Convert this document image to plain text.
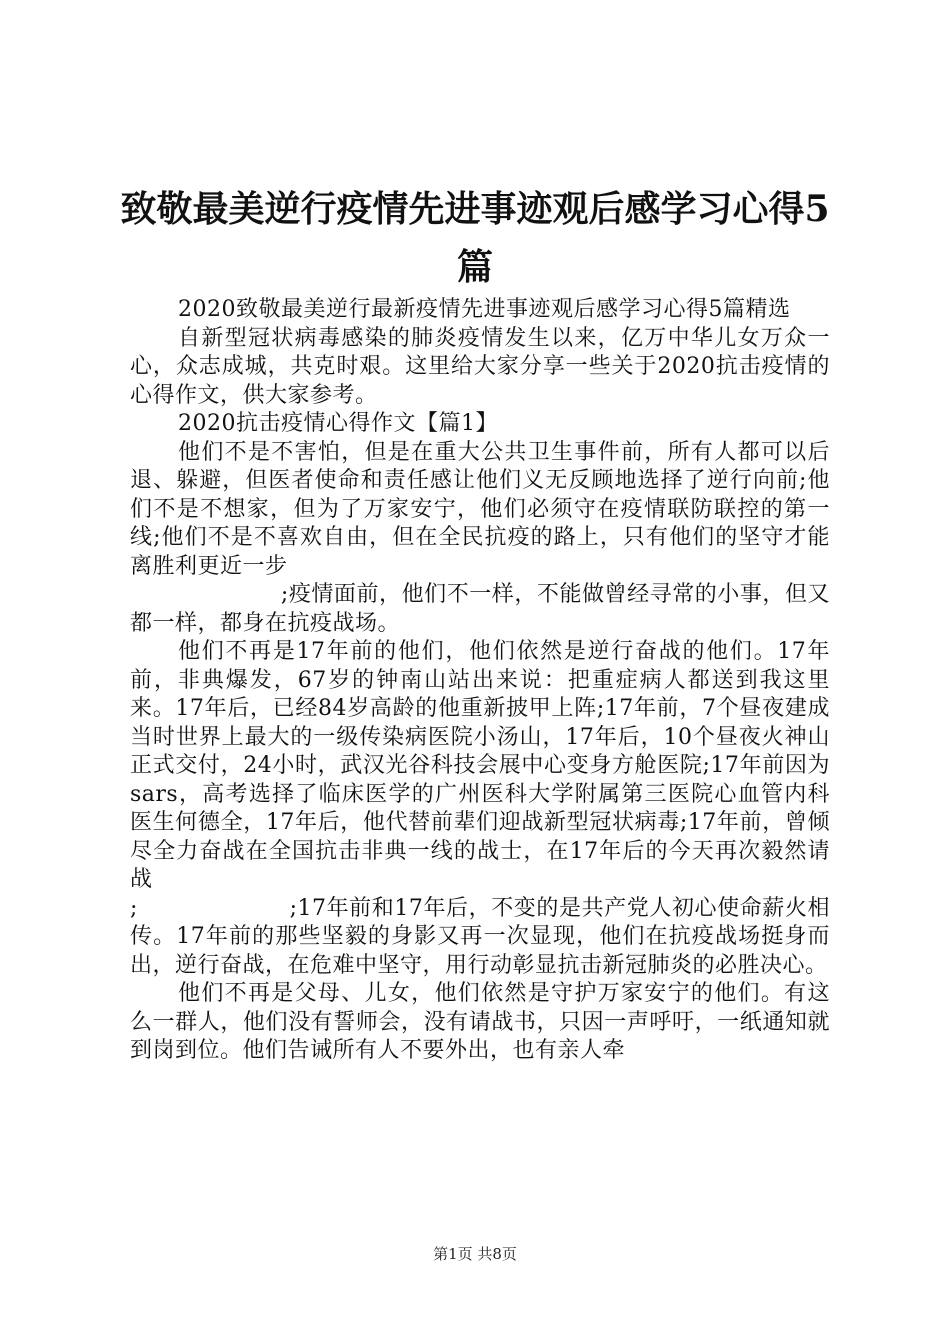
致敬最美逆行疫情先进事迹观后感学习心得5
篇

2020致敬最美逆行最新疫情先进事迹观后感学习心得5篇精选

自新型冠状病毒感染的肺炎疫情发生以来，亿万中华儿女万众一心，众志成城，共克时艰。这里给大家分享一些关于2020抗击疫情的心得作文，供大家参考。

2020抗击疫情心得作文【篇1】

他们不是不害怕，但是在重大公共卫生事件前，所有人都可以后退、躲避，但医者使命和责任感让他们义无反顾地选择了逆行向前;他们不是不想家，但为了万家安宁，他们必须守在疫情联防联控的第一线;他们不是不喜欢自由，但在全民抗疫的路上，只有他们的坚守才能离胜利更近一步

;疫情面前，他们不一样，不能做曾经寻常的小事，但又都一样，都身在抗疫战场。

他们不再是17年前的他们，他们依然是逆行奋战的他们。17年前，非典爆发，67岁的钟南山站出来说：把重症病人都送到我这里来。17年后，已经84岁高龄的他重新披甲上阵;17年前，7个昼夜建成当时世界上最大的一级传染病医院小汤山，17年后，10个昼夜火神山正式交付，24小时，武汉光谷科技会展中心变身方舱医院;17年前因为sars，高考选择了临床医学的广州医科大学附属第三医院心血管内科医生何德全，17年后，他代替前辈们迎战新型冠状病毒;17年前，曾倾尽全力奋战在全国抗击非典一线的战士，在17年后的今天再次毅然请战

;                    ;17年前和17年后，不变的是共产党人初心使命薪火相传。17年前的那些坚毅的身影又再一次显现，他们在抗疫战场挺身而出，逆行奋战，在危难中坚守，用行动彰显抗击新冠肺炎的必胜决心。

他们不再是父母、儿女，他们依然是守护万家安宁的他们。有这么一群人，他们没有誓师会，没有请战书，只因一声呼吁，一纸通知就到岗到位。他们告诫所有人不要外出，也有亲人牵

第1页 共8页
